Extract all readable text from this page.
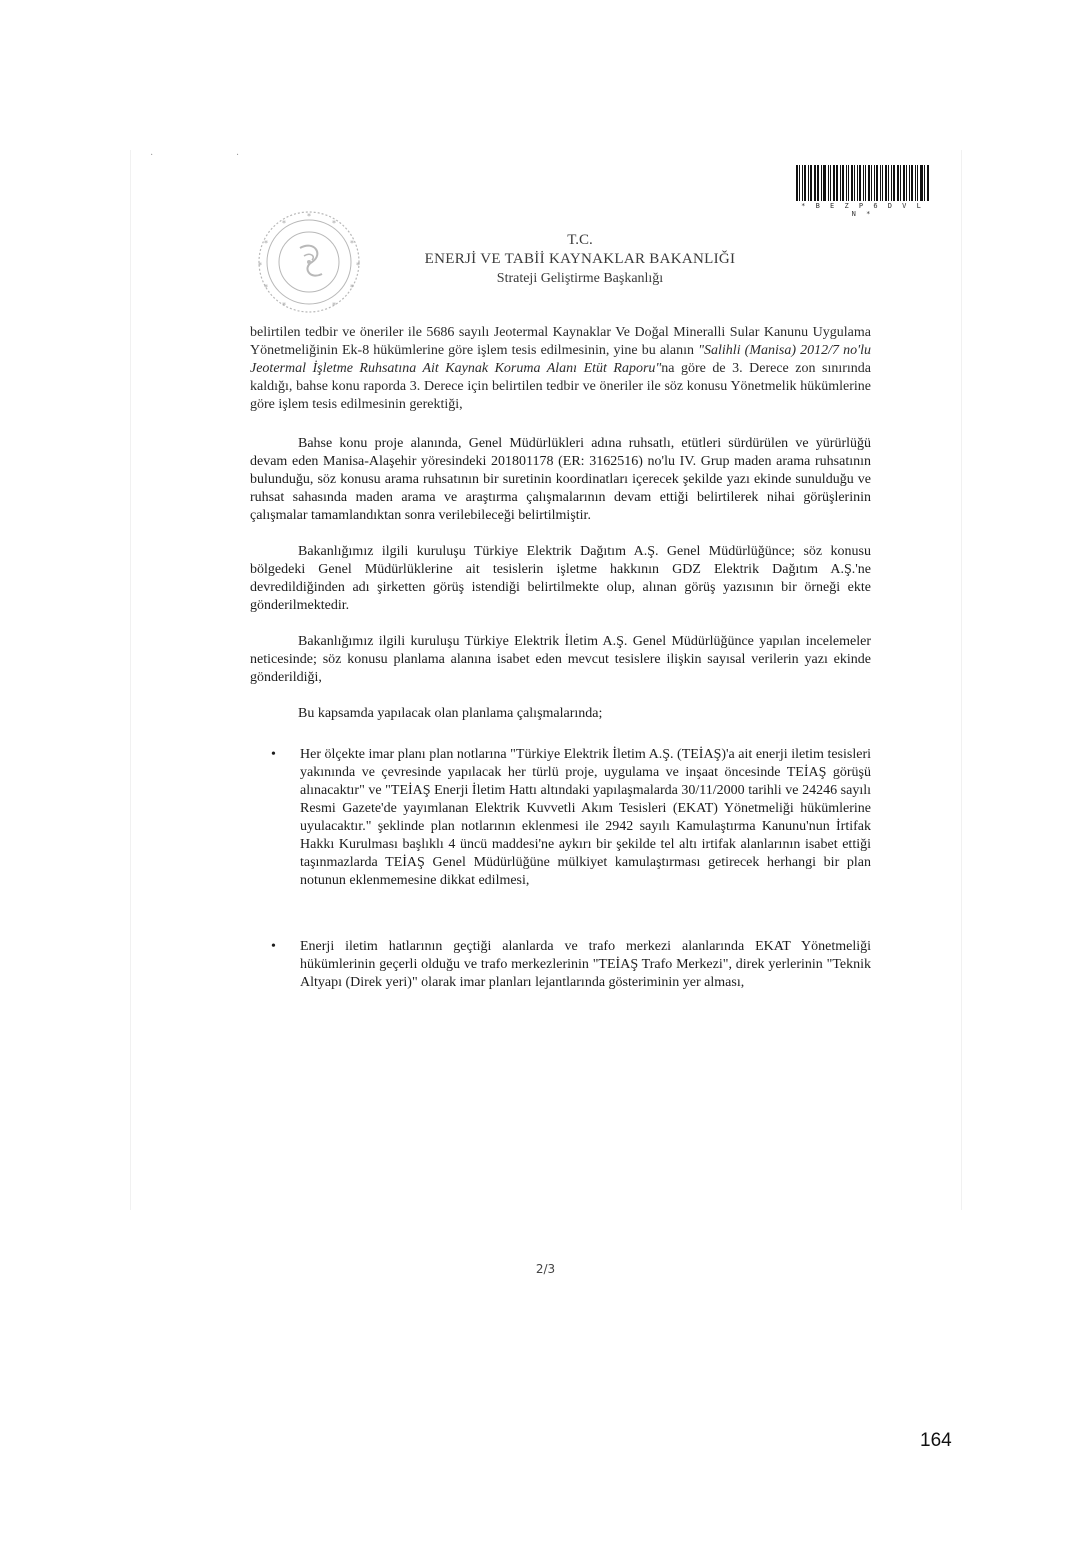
· ·
* B E Z P 6 D V L N *
*
*	*
*	*
*	*
*	*
*	*
T.C.
ENERJİ VE TABİİ KAYNAKLAR BAKANLIĞI
Strateji Geliştirme Başkanlığı

belirtilen tedbir ve öneriler ile 5686 sayılı Jeotermal Kaynaklar Ve Doğal Mineralli Sular Kanunu Uygulama Yönetmeliğinin Ek-8 hükümlerine göre işlem tesis edilmesinin, yine bu alanın "Salihli (Manisa) 2012/7 no'lu Jeotermal İşletme Ruhsatına Ait Kaynak Koruma Alanı Etüt Raporu"na göre de 3. Derece zon sınırında kaldığı, bahse konu raporda 3. Derece için belirtilen tedbir ve öneriler ile söz konusu Yönetmelik hükümlerine göre işlem tesis edilmesinin gerektiği,

Bahse konu proje alanında, Genel Müdürlükleri adına ruhsatlı, etütleri sürdürülen ve yürürlüğü devam eden Manisa-Alaşehir yöresindeki 201801178 (ER: 3162516) no'lu IV. Grup maden arama ruhsatının bulunduğu, söz konusu arama ruhsatının bir suretinin koordinatları içerecek şekilde yazı ekinde sunulduğu ve ruhsat sahasında maden arama ve araştırma çalışmalarının devam ettiği belirtilerek nihai görüşlerinin çalışmalar tamamlandıktan sonra verilebileceği belirtilmiştir.

Bakanlığımız ilgili kuruluşu Türkiye Elektrik Dağıtım A.Ş. Genel Müdürlüğünce; söz konusu bölgedeki Genel Müdürlüklerine ait tesislerin işletme hakkının GDZ Elektrik Dağıtım A.Ş.'ne devredildiğinden adı şirketten görüş istendiği belirtilmekte olup, alınan görüş yazısının bir örneği ekte gönderilmektedir.

Bakanlığımız ilgili kuruluşu Türkiye Elektrik İletim A.Ş. Genel Müdürlüğünce yapılan incelemeler neticesinde; söz konusu planlama alanına isabet eden mevcut tesislere ilişkin sayısal verilerin yazı ekinde gönderildiği,

Bu kapsamda yapılacak olan planlama çalışmalarında;

• Her ölçekte imar planı plan notlarına "Türkiye Elektrik İletim A.Ş. (TEİAŞ)'a ait enerji iletim tesisleri yakınında ve çevresinde yapılacak her türlü proje, uygulama ve inşaat öncesinde TEİAŞ görüşü alınacaktır" ve "TEİAŞ Enerji İletim Hattı altındaki yapılaşmalarda 30/11/2000 tarihli ve 24246 sayılı Resmi Gazete'de yayımlanan Elektrik Kuvvetli Akım Tesisleri (EKAT) Yönetmeliği hükümlerine uyulacaktır." şeklinde plan notlarının eklenmesi ile 2942 sayılı Kamulaştırma Kanunu'nun İrtifak Hakkı Kurulması başlıklı 4 üncü maddesi'ne aykırı bir şekilde tel altı irtifak alanlarının isabet ettiği taşınmazlarda TEİAŞ Genel Müdürlüğüne mülkiyet kamulaştırması getirecek herhangi bir plan notunun eklenmemesine dikkat edilmesi,
• Enerji iletim hatlarının geçtiği alanlarda ve trafo merkezi alanlarında EKAT Yönetmeliği hükümlerinin geçerli olduğu ve trafo merkezlerinin "TEİAŞ Trafo Merkezi", direk yerlerinin "Teknik Altyapı (Direk yeri)" olarak imar planları lejantlarında gösteriminin yer alması,
2/3
164
